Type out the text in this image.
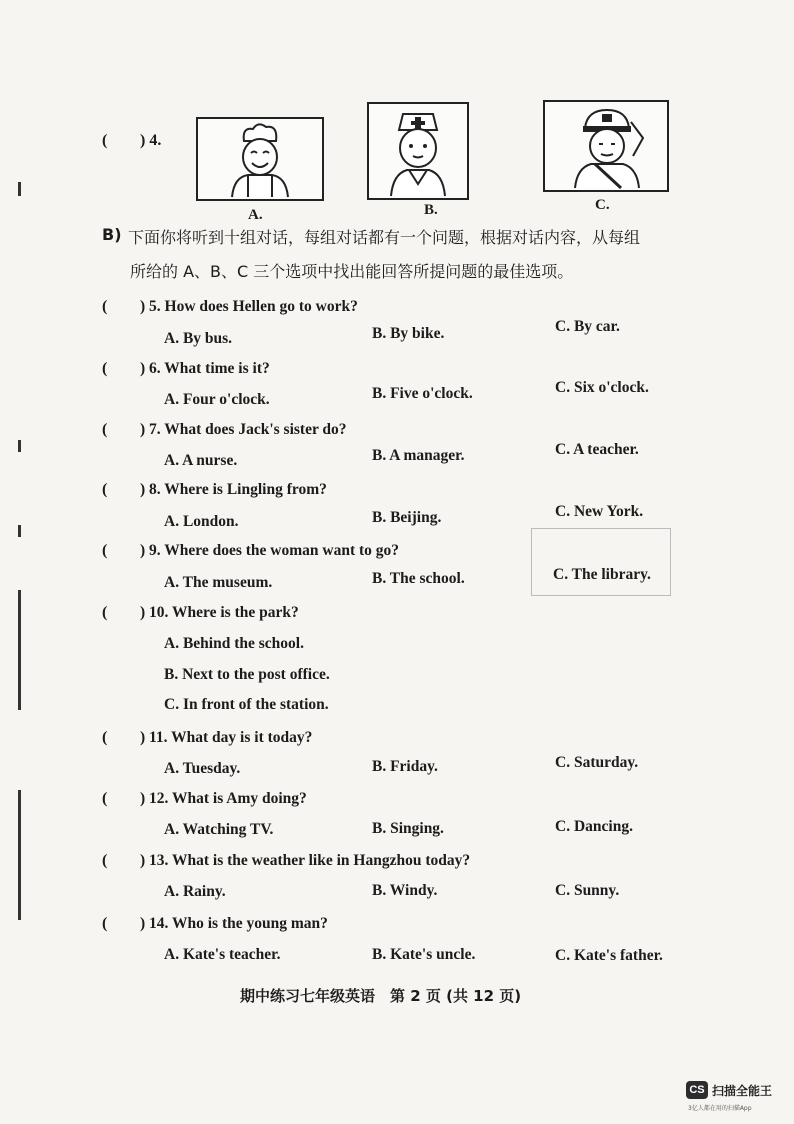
( ) 4.
A.	B.	C.
B) 下面你将听到十组对话，每组对话都有一个问题，根据对话内容，从每组
所给的 A、B、C 三个选项中找出能回答所提问题的最佳选项。
( ) 5. How does Hellen go to work?
A. By bus.	B. By bike.	C. By car.
( ) 6. What time is it?
A. Four o'clock.	B. Five o'clock.	C. Six o'clock.
( ) 7. What does Jack's sister do?
A. A nurse.	B. A manager.	C. A teacher.
( ) 8. Where is Lingling from?
A. London.	B. Beijing.	C. New York.
( ) 9. Where does the woman want to go?
A. The museum.	B. The school.	C. The library.
( ) 10. Where is the park?
A. Behind the school.
B. Next to the post office.
C. In front of the station.
( ) 11. What day is it today?
A. Tuesday.	B. Friday.	C. Saturday.
( ) 12. What is Amy doing?
A. Watching TV.	B. Singing.	C. Dancing.
( ) 13. What is the weather like in Hangzhou today?
A. Rainy.	B. Windy.	C. Sunny.
( ) 14. Who is the young man?
A. Kate's teacher.	B. Kate's uncle.	C. Kate's father.
期中练习七年级英语　第 2 页 (共 12 页)
CS 扫描全能王
3亿人都在用的扫描App
